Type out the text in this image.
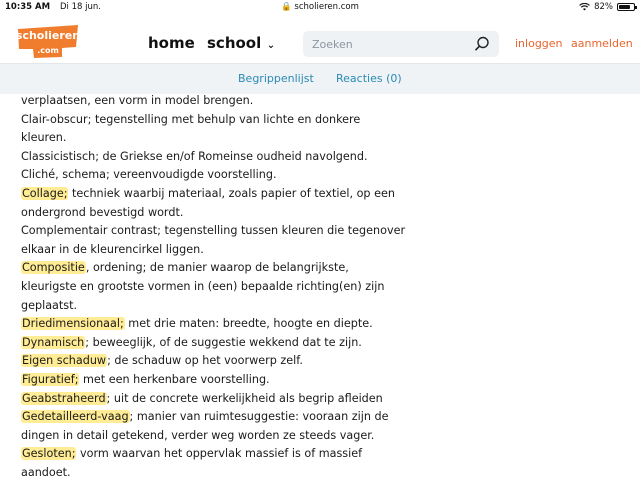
10:35 AM Di 18 jun.	🔒 scholieren.com	82%
scholieren
.com	home school ⌄
Zoeken	inloggen aanmelden
Begrippenlijst Reacties (0)

verplaatsen, een vorm in model brengen.

Clair-obscur; tegenstelling met behulp van lichte en donkere

kleuren.

Classicistisch; de Griekse en/of Romeinse oudheid navolgend.

Cliché, schema; vereenvoudigde voorstelling.

Collage; techniek waarbij materiaal, zoals papier of textiel, op een

ondergrond bevestigd wordt.

Complementair contrast; tegenstelling tussen kleuren die tegenover

elkaar in de kleurencirkel liggen.

Compositie, ordening; de manier waarop de belangrijkste,

kleurigste en grootste vormen in (een) bepaalde richting(en) zijn

geplaatst.

Driedimensionaal; met drie maten: breedte, hoogte en diepte.

Dynamisch; beweeglijk, of de suggestie wekkend dat te zijn.

Eigen schaduw; de schaduw op het voorwerp zelf.

Figuratief; met een herkenbare voorstelling.

Geabstraheerd; uit de concrete werkelijkheid als begrip afleiden

Gedetailleerd-vaag; manier van ruimtesuggestie: vooraan zijn de

dingen in detail getekend, verder weg worden ze steeds vager.

Gesloten; vorm waarvan het oppervlak massief is of massief

aandoet.
